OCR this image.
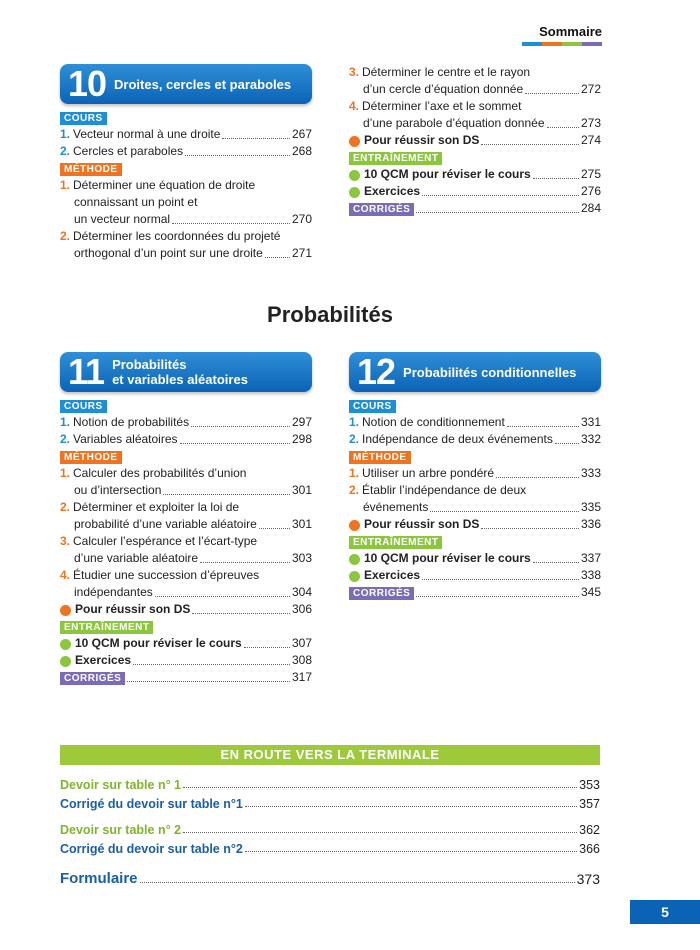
Sommaire
10 Droites, cercles et paraboles
COURS
1. Vecteur normal à une droite	267
2. Cercles et paraboles	268
MÉTHODE
1. Déterminer une équation de droite
connaissant un point et
un vecteur normal	270
2. Déterminer les coordonnées du projeté
orthogonal d’un point sur une droite 271
3. Déterminer le centre et le rayon
d’un cercle d’équation donnée	272
4. Déterminer l’axe et le sommet
d’une parabole d’équation donnée	273
Pour réussir son DS	274
ENTRAÎNEMENT
10 QCM pour réviser le cours	275
Exercices	276
CORRIGÉS	284
Probabilités
11 Probabilités
et variables aléatoires
COURS
1. Notion de probabilités	297
2. Variables aléatoires	298
MÉTHODE
1. Calculer des probabilités d’union
ou d’intersection	301
2. Déterminer et exploiter la loi de
probabilité d’une variable aléatoire	301
3. Calculer l’espérance et l’écart-type
d’une variable aléatoire	303
4. Étudier une succession d’épreuves
indépendantes	304
Pour réussir son DS	306
ENTRAÎNEMENT
10 QCM pour réviser le cours	307
Exercices	308
CORRIGÉS	317
12 Probabilités conditionnelles
COURS
1. Notion de conditionnement	331
2. Indépendance de deux événements 332
MÉTHODE
1. Utiliser un arbre pondéré	333
2. Établir l’indépendance de deux
événements	335
Pour réussir son DS	336
ENTRAÎNEMENT
10 QCM pour réviser le cours	337
Exercices	338
CORRIGÉS	345
EN ROUTE VERS LA TERMINALE
Devoir sur table n° 1	353
Corrigé du devoir sur table n°1	357
Devoir sur table n° 2	362
Corrigé du devoir sur table n°2	366
Formulaire	373
5
